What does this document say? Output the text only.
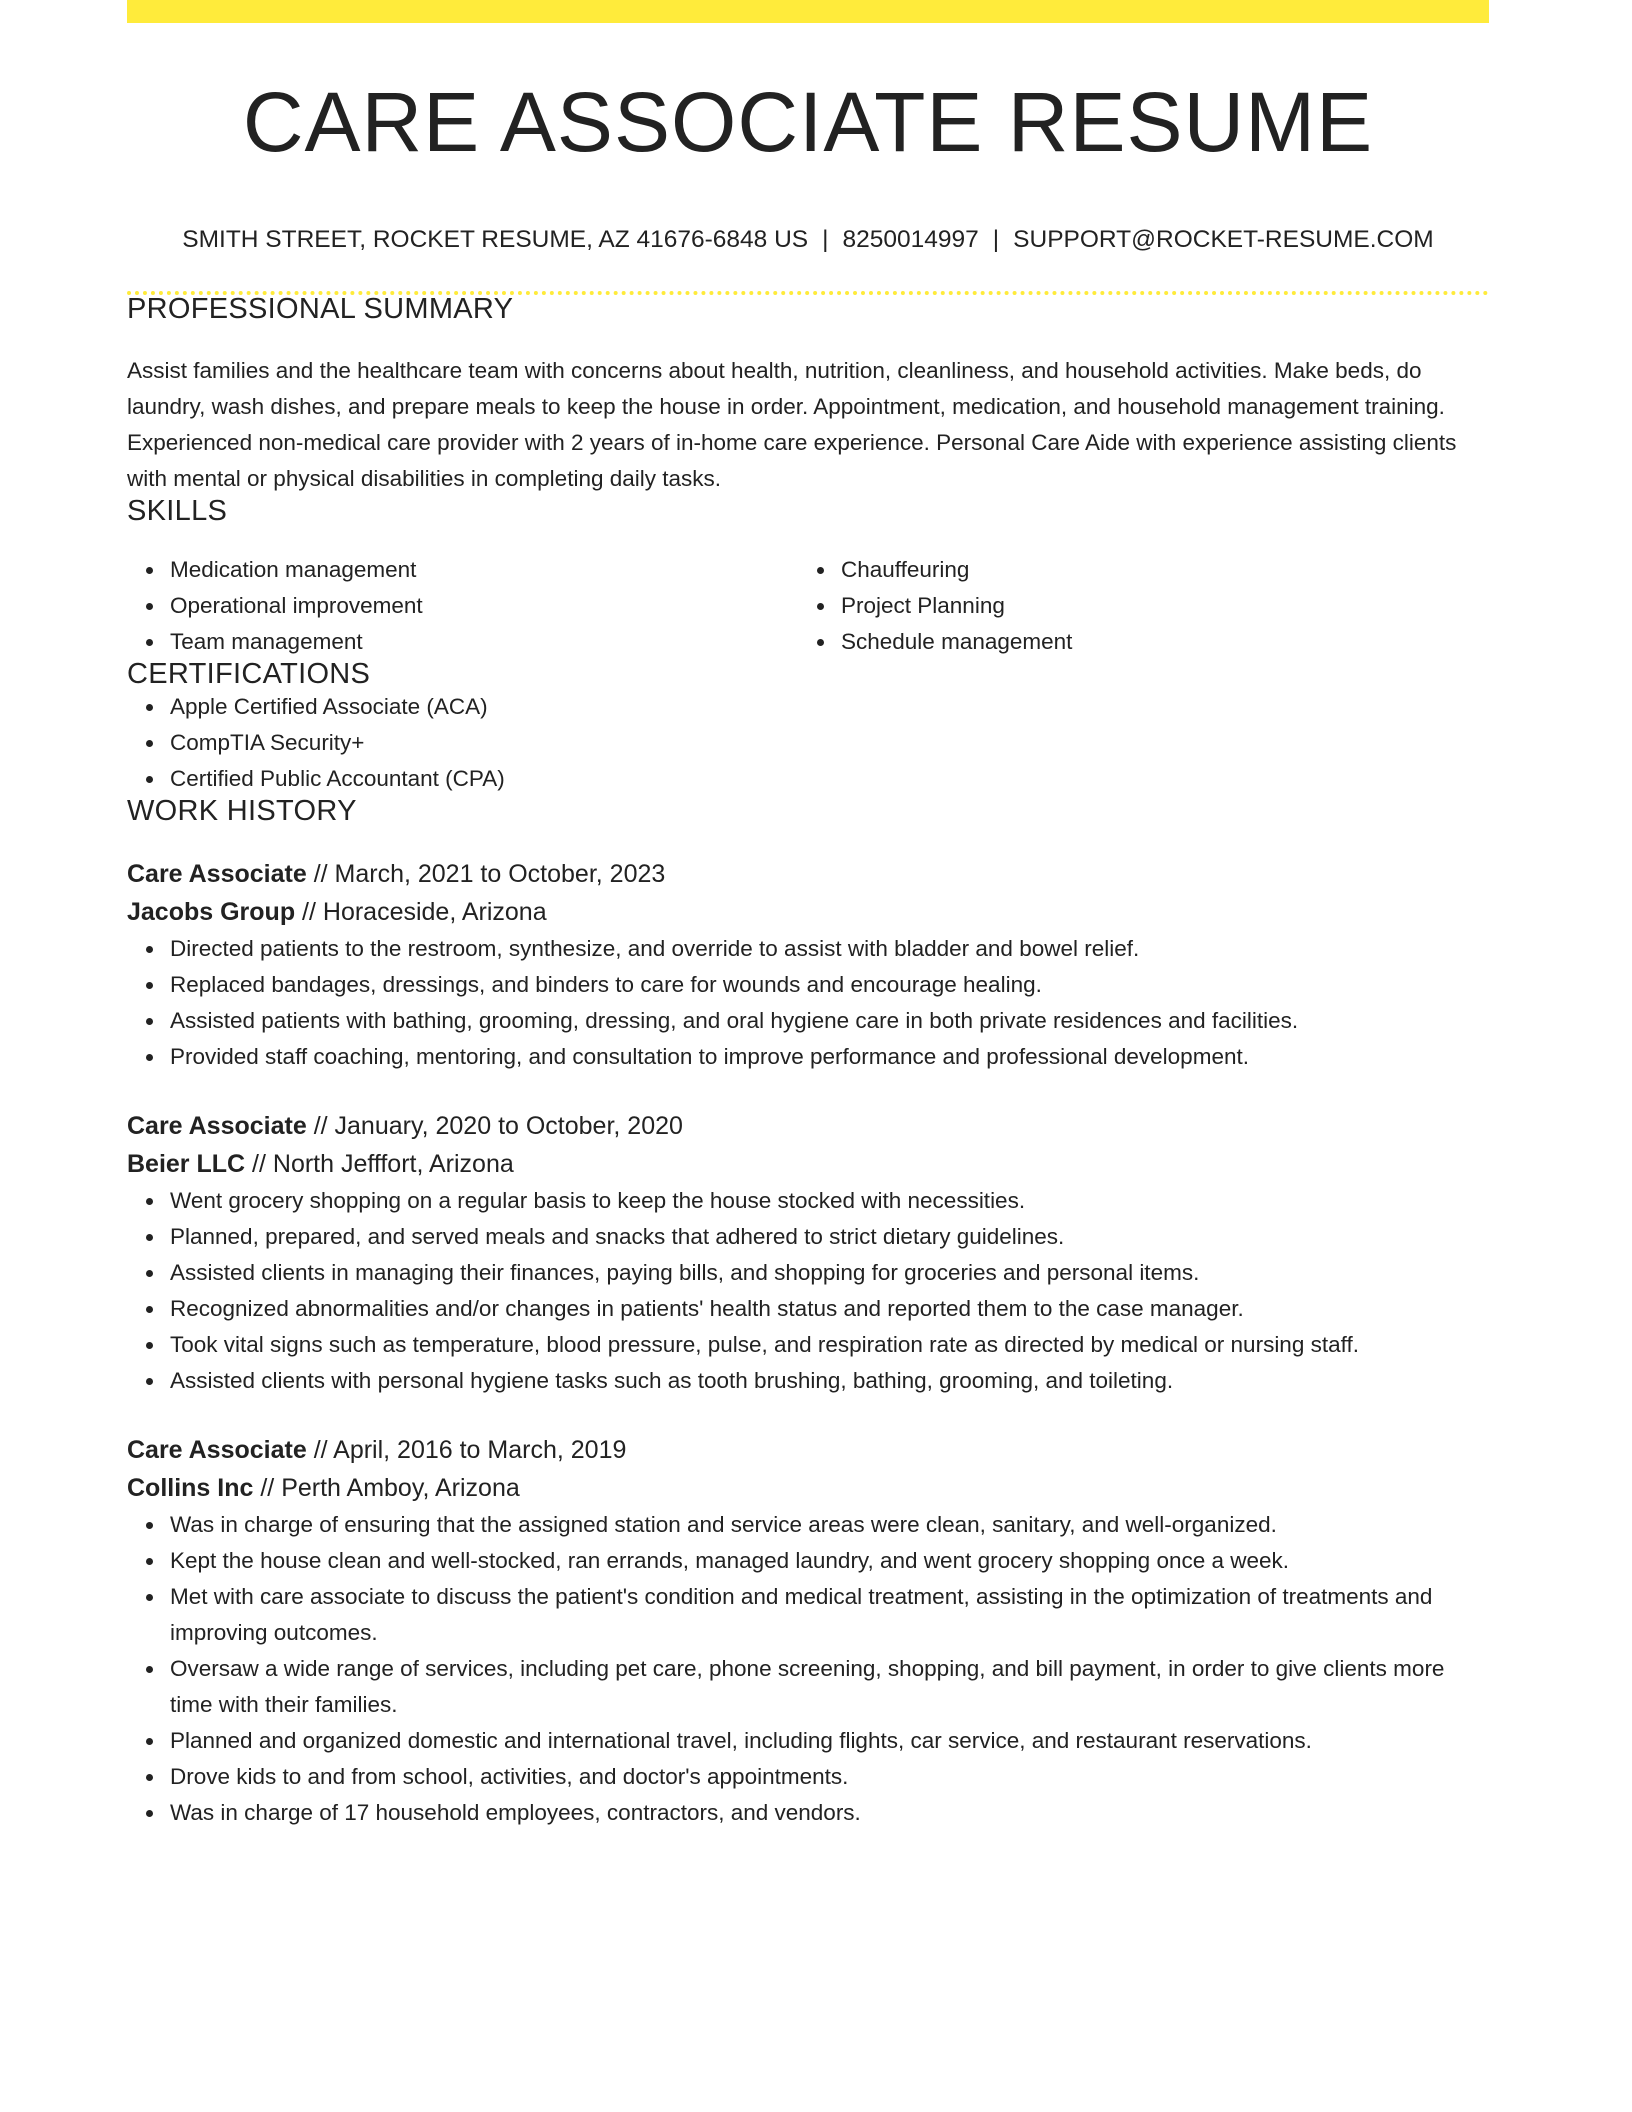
CARE ASSOCIATE RESUME
SMITH STREET, ROCKET RESUME, AZ 41676-6848 US | 8250014997 | SUPPORT@ROCKET-RESUME.COM
PROFESSIONAL SUMMARY

Assist families and the healthcare team with concerns about health, nutrition, cleanliness, and household activities. Make beds, do laundry, wash dishes, and prepare meals to keep the house in order. Appointment, medication, and household management training. Experienced non-medical care provider with 2 years of in-home care experience. Personal Care Aide with experience assisting clients with mental or physical disabilities in completing daily tasks.

SKILLS
Medication management
Operational improvement
Team management
Chauffeuring
Project Planning
Schedule management
CERTIFICATIONS
Apple Certified Associate (ACA)
CompTIA Security+
Certified Public Accountant (CPA)
WORK HISTORY
Care Associate // March, 2021 to October, 2023
Jacobs Group // Horaceside, Arizona
Directed patients to the restroom, synthesize, and override to assist with bladder and bowel relief.
Replaced bandages, dressings, and binders to care for wounds and encourage healing.
Assisted patients with bathing, grooming, dressing, and oral hygiene care in both private residences and facilities.
Provided staff coaching, mentoring, and consultation to improve performance and professional development.
Care Associate // January, 2020 to October, 2020
Beier LLC // North Jefffort, Arizona
Went grocery shopping on a regular basis to keep the house stocked with necessities.
Planned, prepared, and served meals and snacks that adhered to strict dietary guidelines.
Assisted clients in managing their finances, paying bills, and shopping for groceries and personal items.
Recognized abnormalities and/or changes in patients' health status and reported them to the case manager.
Took vital signs such as temperature, blood pressure, pulse, and respiration rate as directed by medical or nursing staff.
Assisted clients with personal hygiene tasks such as tooth brushing, bathing, grooming, and toileting.
Care Associate // April, 2016 to March, 2019
Collins Inc // Perth Amboy, Arizona
Was in charge of ensuring that the assigned station and service areas were clean, sanitary, and well-organized.
Kept the house clean and well-stocked, ran errands, managed laundry, and went grocery shopping once a week.
Met with care associate to discuss the patient's condition and medical treatment, assisting in the optimization of treatments and improving outcomes.
Oversaw a wide range of services, including pet care, phone screening, shopping, and bill payment, in order to give clients more time with their families.
Planned and organized domestic and international travel, including flights, car service, and restaurant reservations.
Drove kids to and from school, activities, and doctor's appointments.
Was in charge of 17 household employees, contractors, and vendors.
